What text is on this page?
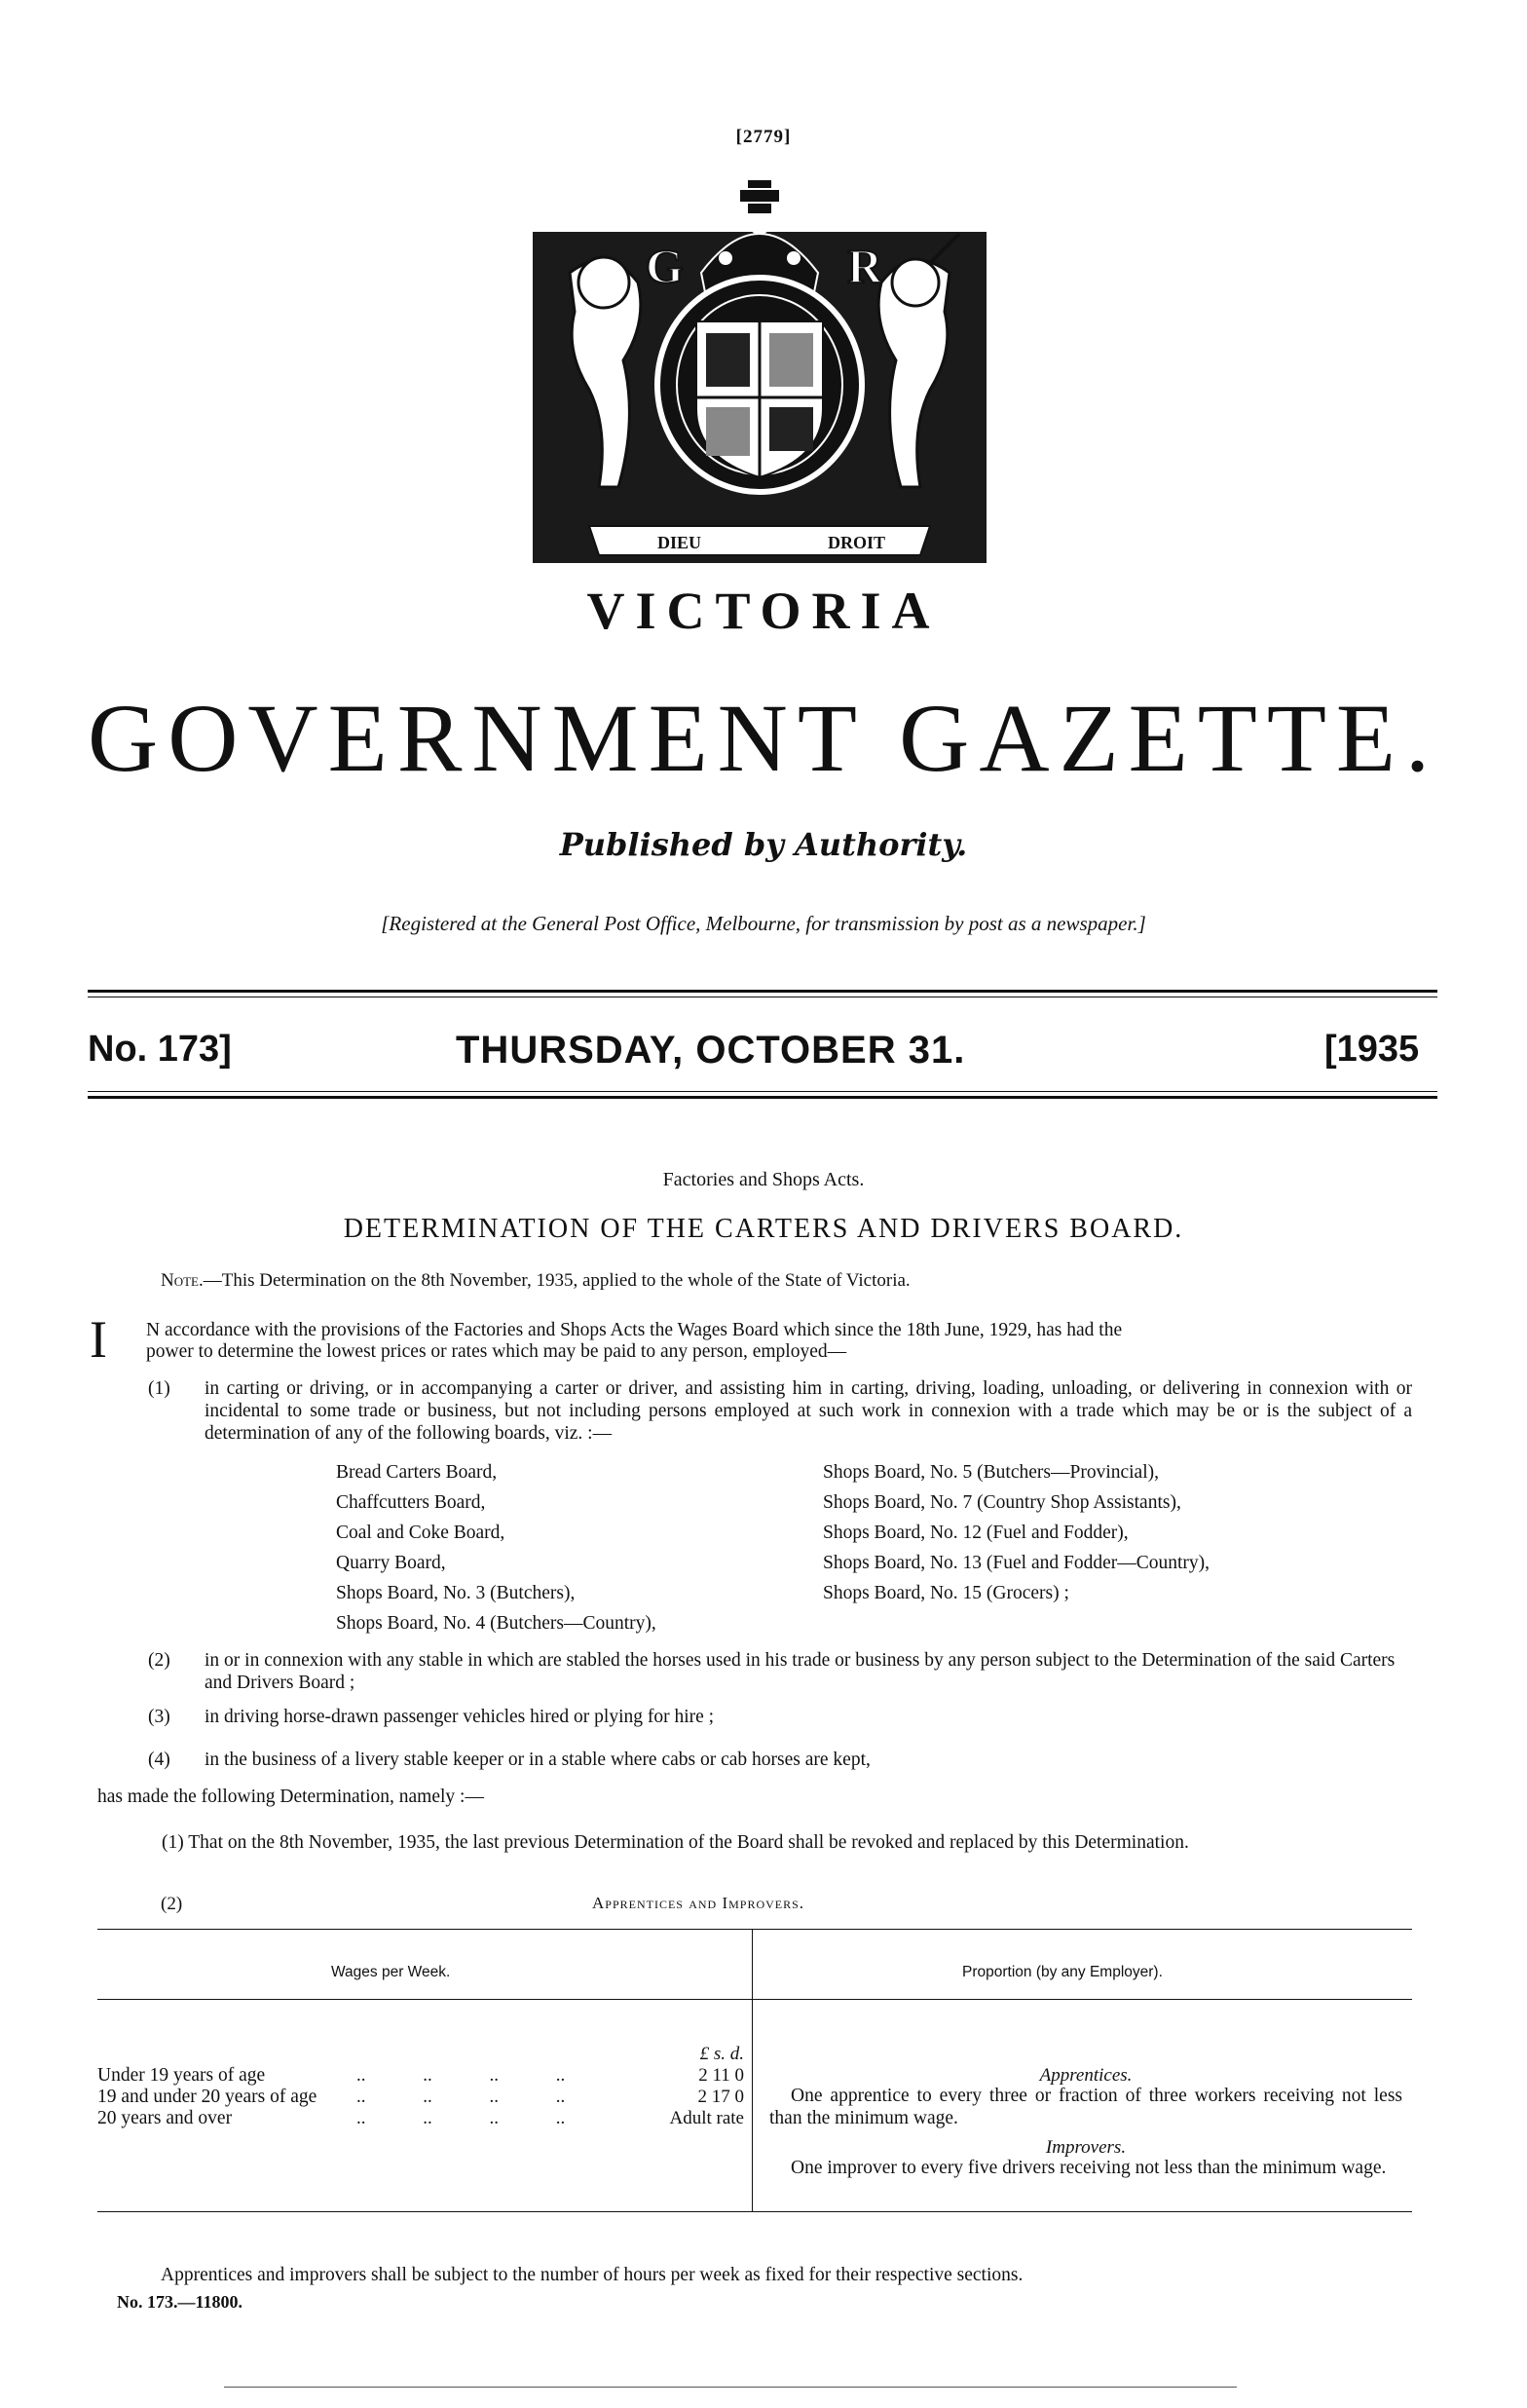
[2779]
G	R
DIEU	DROIT
VICTORIA
GOVERNMENT GAZETTE.
Published by Authority.
[Registered at the General Post Office, Melbourne, for transmission by post as a newspaper.]
No. 173]	THURSDAY, OCTOBER 31.	[1935
Factories and Shops Acts.
DETERMINATION OF THE CARTERS AND DRIVERS BOARD.
Note.—This Determination on the 8th November, 1935, applied to the whole of the State of Victoria.
I N accordance with the provisions of the Factories and Shops Acts the Wages Board which since the 18th June, 1929, has had the
power to determine the lowest prices or rates which may be paid to any person, employed—
(1) in carting or driving, or in accompanying a carter or driver, and assisting him in carting, driving, loading, unloading, or delivering in connexion with or incidental to some trade or business, but not including persons employed at such work in connexion with a trade which may be or is the subject of a determination of any of the following boards, viz. :—

Bread Carters Board,
Chaffcutters Board,
Coal and Coke Board,
Quarry Board,
Shops Board, No. 3 (Butchers),
Shops Board, No. 4 (Butchers—Country),
Shops Board, No. 5 (Butchers—Provincial),
Shops Board, No. 7 (Country Shop Assistants),
Shops Board, No. 12 (Fuel and Fodder),
Shops Board, No. 13 (Fuel and Fodder—Country),
Shops Board, No. 15 (Grocers) ;
(2) in or in connexion with any stable in which are stabled the horses used in his trade or business by any person subject to the Determination of the said Carters and Drivers Board ;
(3) in driving horse-drawn passenger vehicles hired or plying for hire ;
(4) in the business of a livery stable keeper or in a stable where cabs or cab horses are kept,
has made the following Determination, namely :—
(1) That on the 8th November, 1935, the last previous Determination of the Board shall be revoked and replaced by this Determination.
(2)	Apprentices and Improvers.
Wages per Week.	Proportion (by any Employer).
£ s. d.
Under 19 years of age	.. .. .. ..	2 11 0
19 and under 20 years of age .. .. .. ..	2 17 0
20 years and over	.. .. .. ..	Adult rate
Apprentices.
One apprentice to every three or fraction of three workers receiving not less than the minimum wage.
Improvers.
One improver to every five drivers receiving not less than the minimum wage.
Apprentices and improvers shall be subject to the number of hours per week as fixed for their respective sections.
No. 173.—11800.
